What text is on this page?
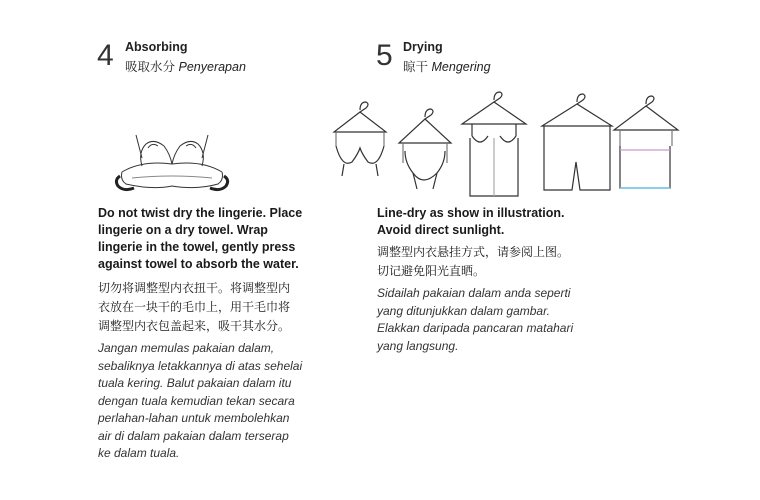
4 Absorbing
吸取水分 Penyerapan	5 Drying
晾干 Mengering
Do not twist dry the lingerie. Place
lingerie on a dry towel. Wrap
lingerie in the towel, gently press
against towel to absorb the water.
切勿将调整型内衣扭干。将调整型内
衣放在一块干的毛巾上，用干毛巾将
调整型内衣包盖起来，吸干其水分。
Jangan memulas pakaian dalam,
sebaliknya letakkannya di atas sehelai
tuala kering. Balut pakaian dalam itu
dengan tuala kemudian tekan secara
perlahan-lahan untuk membolehkan
air di dalam pakaian dalam terserap
ke dalam tuala.
Line-dry as show in illustration.
Avoid direct sunlight.
调整型内衣悬挂方式，请参阅上图。
切记避免阳光直晒。
Sidailah pakaian dalam anda seperti
yang ditunjukkan dalam gambar.
Elakkan daripada pancaran matahari
yang langsung.
